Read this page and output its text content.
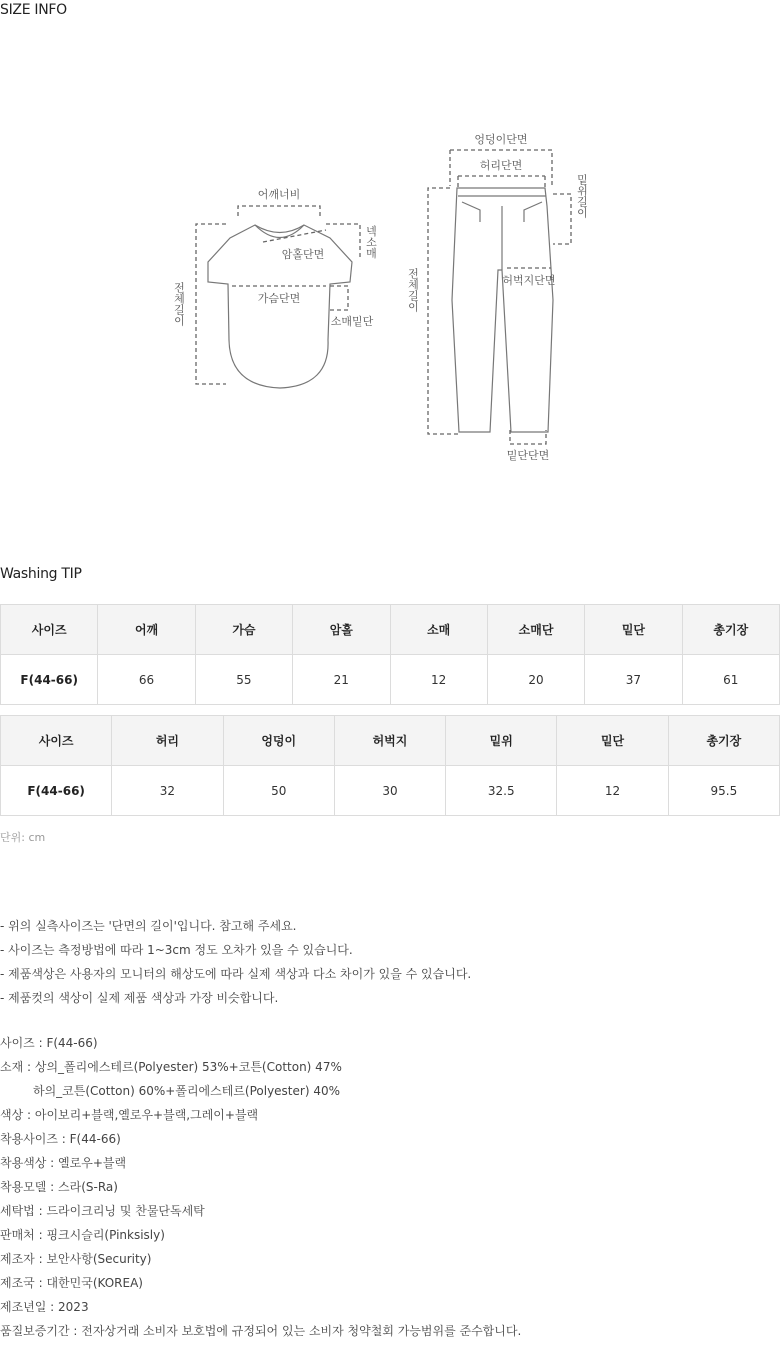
SIZE INFO
어깨너비
암홀단면
가슴단면
소매밑단
전체길이
넥소매
엉덩이단면
허리단면
밑위길이
허벅지단면
전체길이
밑단단면
Washing TIP
사이즈	어깨	가슴	암홀	소매	소매단	밑단	총기장
F(44-66)	66	55	21	12	20	37	61
사이즈	허리	엉덩이	허벅지	밑위	밑단	총기장
F(44-66)	32	50	30	32.5	12	95.5
단위: cm
- 위의 실측사이즈는 '단면의 길이'입니다. 참고해 주세요.
- 사이즈는 측정방법에 따라 1~3cm 정도 오차가 있을 수 있습니다.
- 제품색상은 사용자의 모니터의 해상도에 따라 실제 색상과 다소 차이가 있을 수 있습니다.
- 제품컷의 색상이 실제 제품 색상과 가장 비슷합니다.
사이즈 : F(44-66)
소재 : 상의_폴리에스테르(Polyester) 53%+코튼(Cotton) 47%
하의_코튼(Cotton) 60%+폴리에스테르(Polyester) 40%
색상 : 아이보리+블랙,옐로우+블랙,그레이+블랙
착용사이즈 : F(44-66)
착용색상 : 옐로우+블랙
착용모델 : 스라(S-Ra)
세탁법 : 드라이크리닝 및 찬물단독세탁
판매처 : 핑크시슬리(Pinksisly)
제조자 : 보안사항(Security)
제조국 : 대한민국(KOREA)
제조년일 : 2023
품질보증기간 : 전자상거래 소비자 보호법에 규정되어 있는 소비자 청약철회 가능범위를 준수합니다.
